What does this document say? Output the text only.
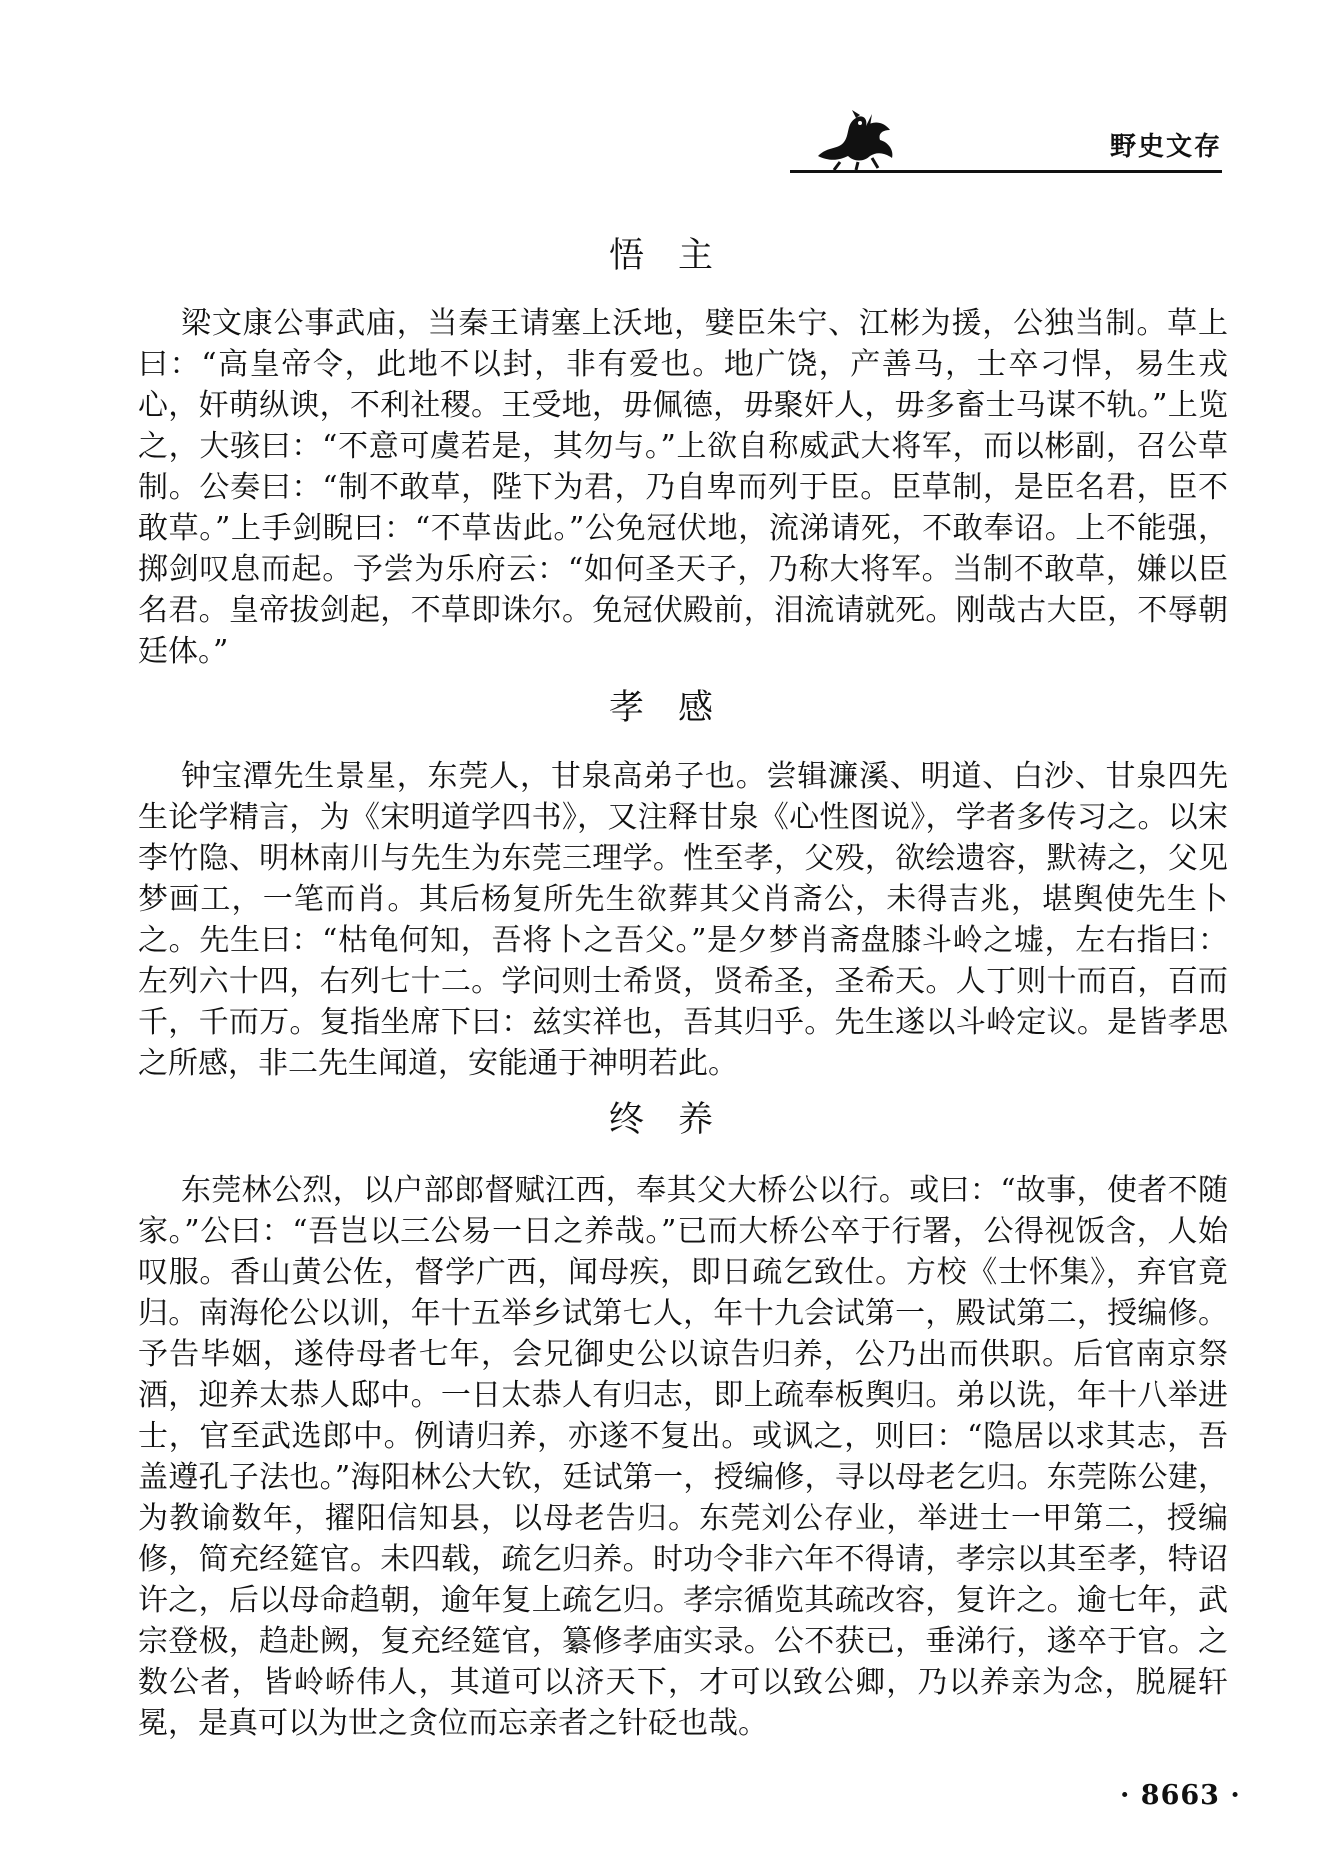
野史文存
悟主

梁文康公事武庙，当秦王请塞上沃地，嬖臣朱宁、江彬为援，公独当制。草上曰：“高皇帝令，此地不以封，非有爱也。地广饶，产善马，士卒刁悍，易生戎心，奸萌纵谀，不利社稷。王受地，毋佩德，毋聚奸人，毋多畜士马谋不轨。”上览之，大骇曰：“不意可虞若是，其勿与。”上欲自称威武大将军，而以彬副，召公草制。公奏曰：“制不敢草，陛下为君，乃自卑而列于臣。臣草制，是臣名君，臣不敢草。”上手剑睨曰：“不草齿此。”公免冠伏地，流涕请死，不敢奉诏。上不能强，掷剑叹息而起。予尝为乐府云：“如何圣天子，乃称大将军。当制不敢草，嫌以臣名君。皇帝拔剑起，不草即诛尔。免冠伏殿前，泪流请就死。刚哉古大臣，不辱朝廷体。”

孝感

钟宝潭先生景星，东莞人，甘泉高弟子也。尝辑濂溪、明道、白沙、甘泉四先生论学精言，为《宋明道学四书》，又注释甘泉《心性图说》，学者多传习之。以宋李竹隐、明林南川与先生为东莞三理学。性至孝，父殁，欲绘遗容，默祷之，父见梦画工，一笔而肖。其后杨复所先生欲葬其父肖斋公，未得吉兆，堪舆使先生卜之。先生曰：“枯龟何知，吾将卜之吾父。”是夕梦肖斋盘膝斗岭之墟，左右指曰：左列六十四，右列七十二。学问则士希贤，贤希圣，圣希天。人丁则十而百，百而千，千而万。复指坐席下曰：兹实祥也，吾其归乎。先生遂以斗岭定议。是皆孝思之所感，非二先生闻道，安能通于神明若此。

终养

东莞林公烈，以户部郎督赋江西，奉其父大桥公以行。或曰：“故事，使者不随家。”公曰：“吾岂以三公易一日之养哉。”已而大桥公卒于行署，公得视饭含，人始叹服。香山黄公佐，督学广西，闻母疾，即日疏乞致仕。方校《士怀集》，弃官竟归。南海伦公以训，年十五举乡试第七人，年十九会试第一，殿试第二，授编修。予告毕姻，遂侍母者七年，会兄御史公以谅告归养，公乃出而供职。后官南京祭酒，迎养太恭人邸中。一日太恭人有归志，即上疏奉板舆归。弟以诜，年十八举进士，官至武选郎中。例请归养，亦遂不复出。或讽之，则曰：“隐居以求其志，吾盖遵孔子法也。”海阳林公大钦，廷试第一，授编修，寻以母老乞归。东莞陈公建，为教谕数年，擢阳信知县，以母老告归。东莞刘公存业，举进士一甲第二，授编修，简充经筵官。未四载，疏乞归养。时功令非六年不得请，孝宗以其至孝，特诏许之，后以母命趋朝，逾年复上疏乞归。孝宗循览其疏改容，复许之。逾七年，武宗登极，趋赴阙，复充经筵官，纂修孝庙实录。公不获已，垂涕行，遂卒于官。之数公者，皆岭峤伟人，其道可以济天下，才可以致公卿，乃以养亲为念，脱屣轩冕，是真可以为世之贪位而忘亲者之针砭也哉。

· 8663 ·
